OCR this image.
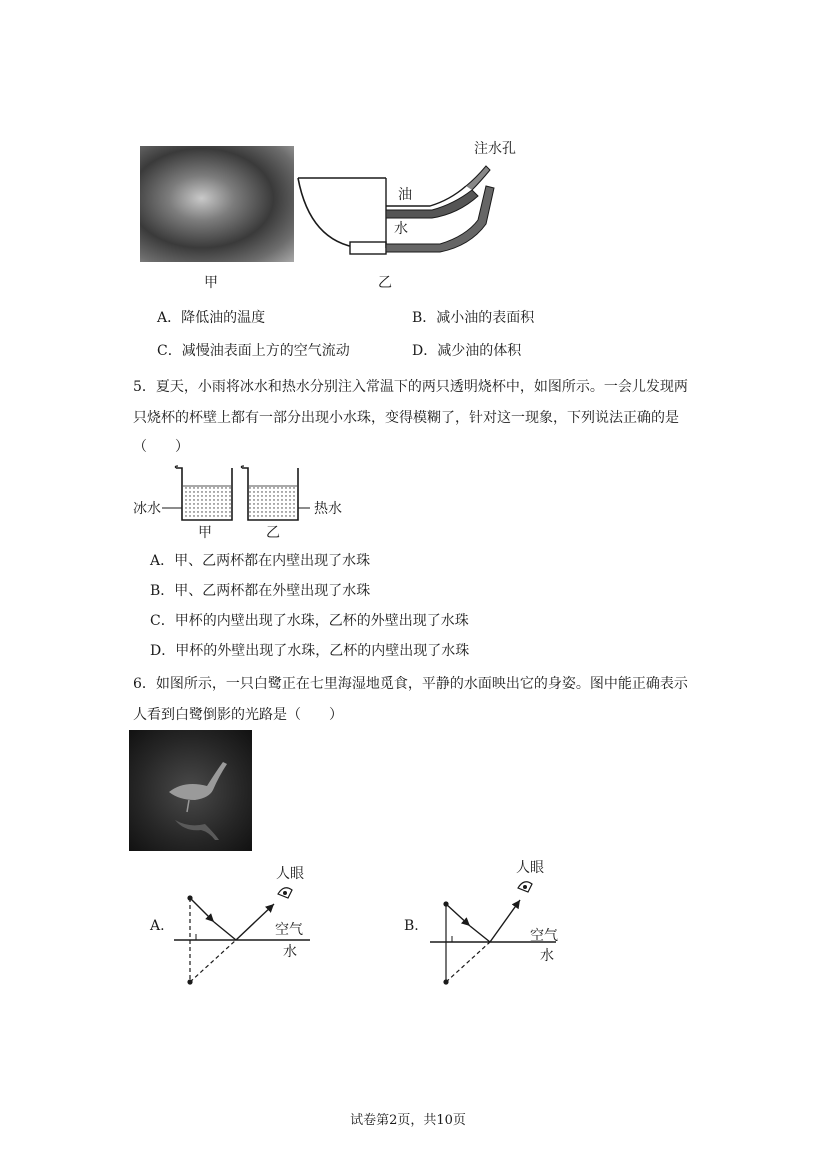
注水孔
油
水
甲	乙
A．降低油的温度	B．减小油的表面积
C．减慢油表面上方的空气流动	D．减少油的体积
5．夏天，小雨将冰水和热水分别注入常温下的两只透明烧杯中，如图所示。一会儿发现两
只烧杯的杯壁上都有一部分出现小水珠，变得模糊了，针对这一现象，下列说法正确的是
（　　）
冰水	热水
甲	乙
A．甲、乙两杯都在内壁出现了水珠
B．甲、乙两杯都在外壁出现了水珠
C．甲杯的内壁出现了水珠，乙杯的外壁出现了水珠
D．甲杯的外壁出现了水珠，乙杯的内壁出现了水珠
6．如图所示，一只白鹭正在七里海湿地觅食，平静的水面映出它的身姿。图中能正确表示
人看到白鹭倒影的光路是（　　）
A.
人眼
空气
水
B.
人眼
空气
水
试卷第2页，共10页
